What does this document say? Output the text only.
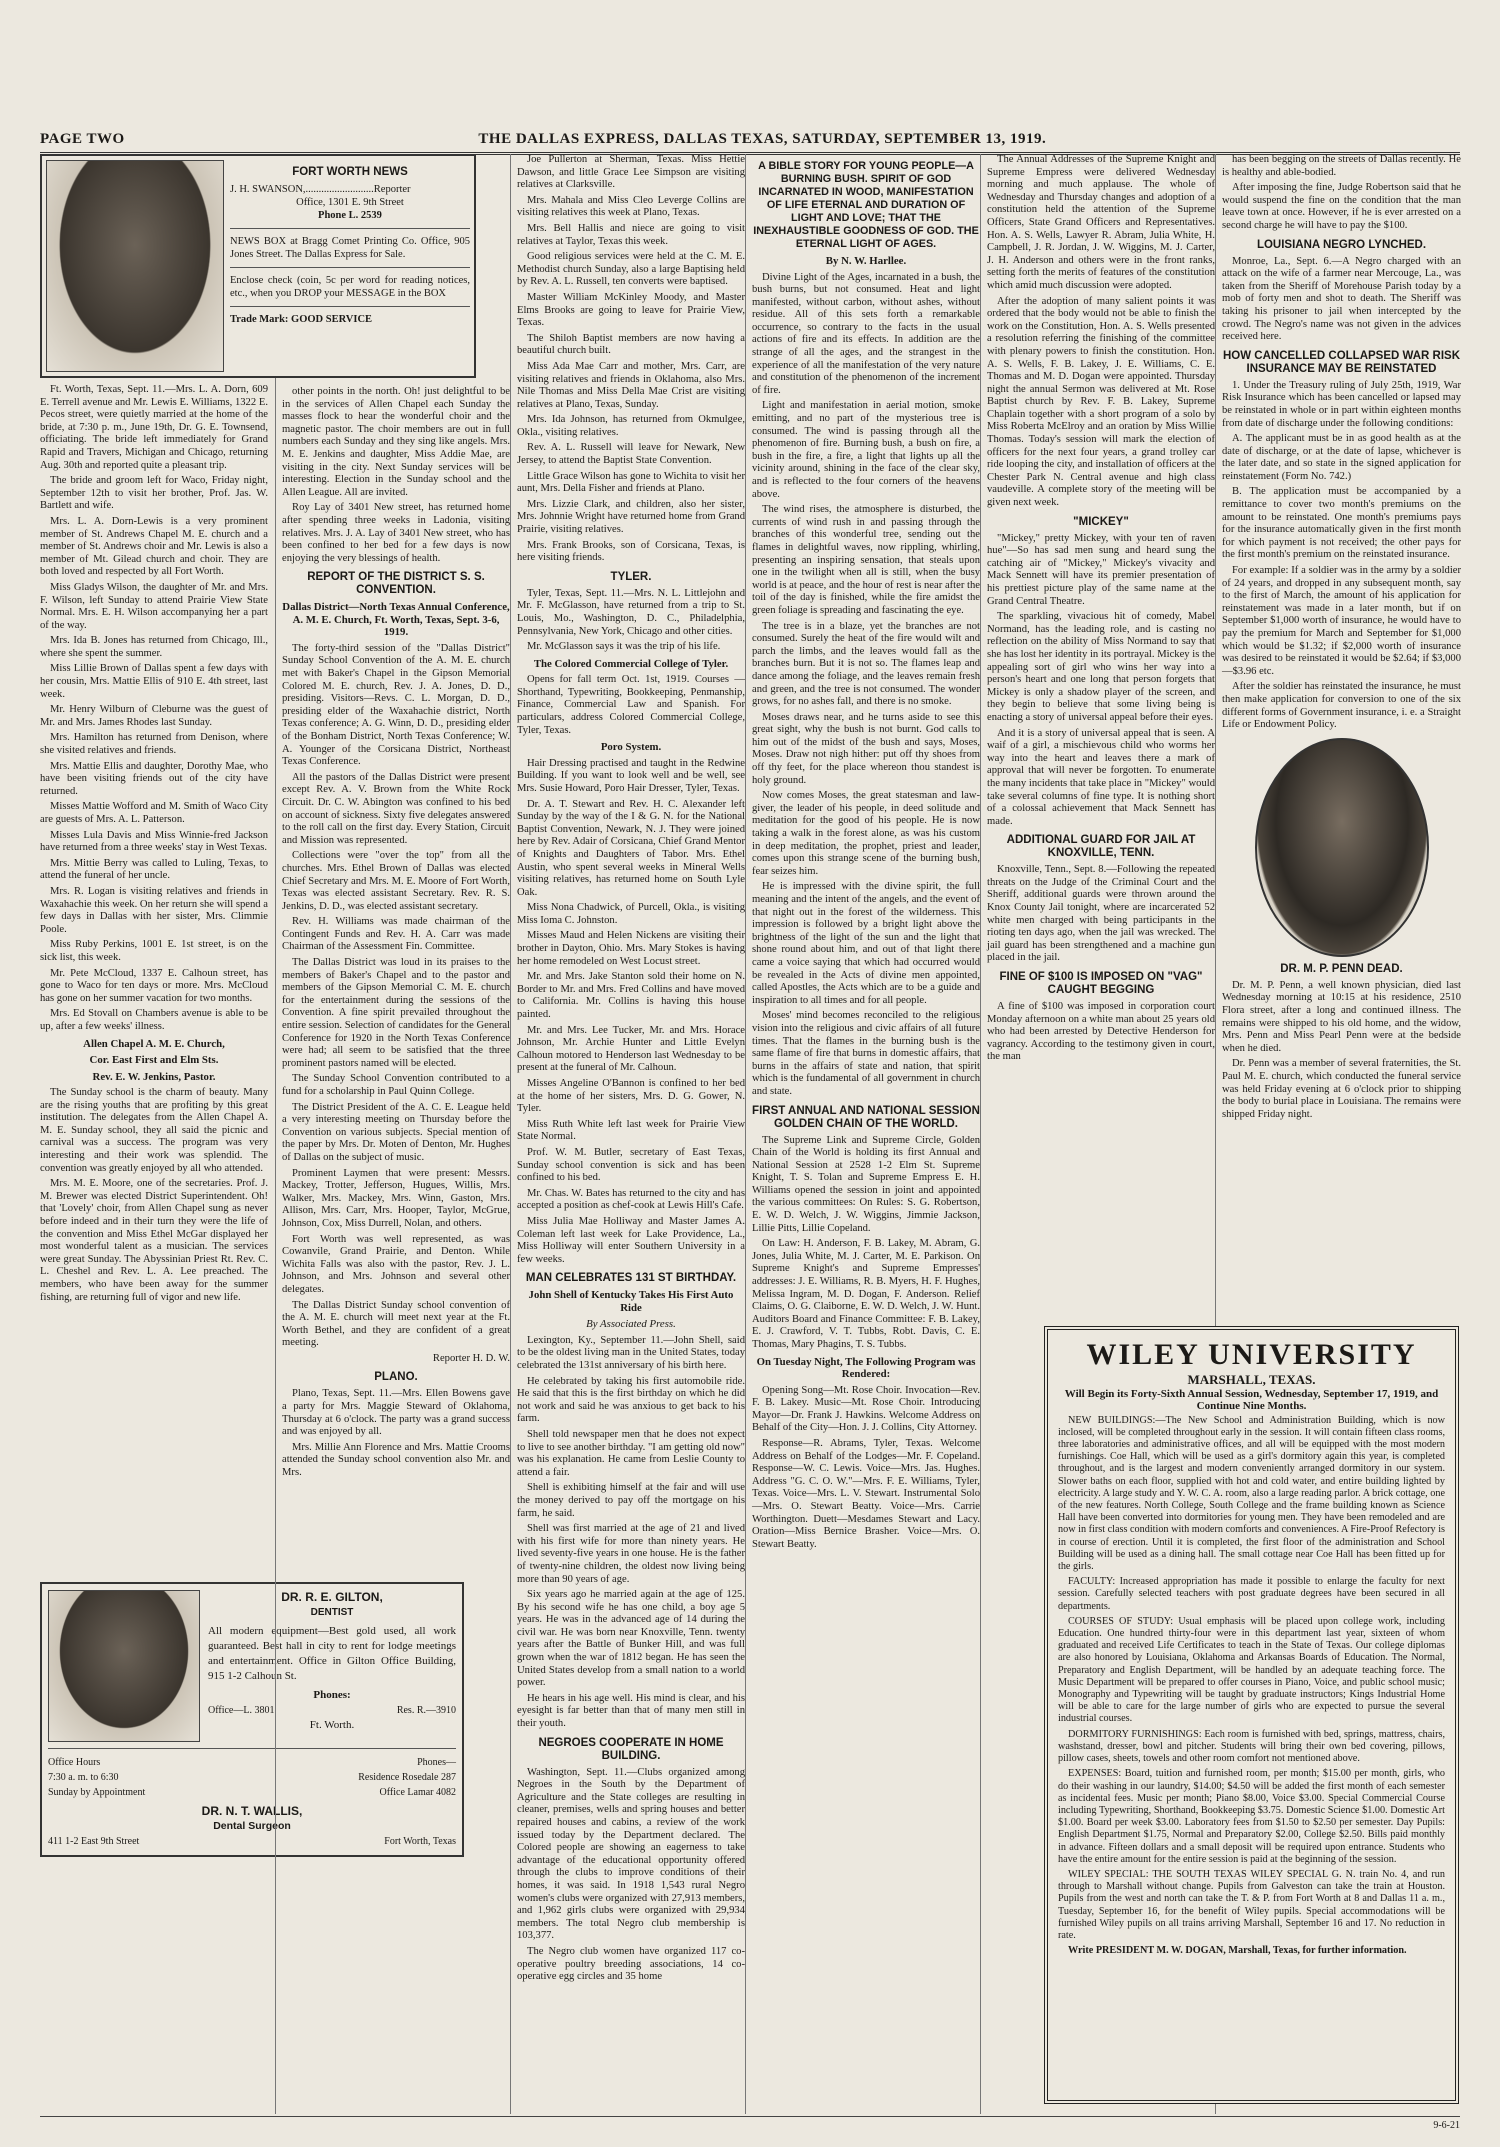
PAGE TWO	THE DALLAS EXPRESS, DALLAS TEXAS, SATURDAY, SEPTEMBER 13, 1919.
FORT WORTH NEWS
J. H. SWANSON,..........................Reporter
Office, 1301 E. 9th Street
Phone L. 2539
NEWS BOX at Bragg Comet Printing Co. Office, 905 Jones Street. The Dallas Express for Sale.
Enclose check (coin, 5c per word for reading notices, etc., when you DROP your MESSAGE in the BOX
Trade Mark: GOOD SERVICE

Ft. Worth, Texas, Sept. 11.—Mrs. L. A. Dorn, 609 E. Terrell avenue and Mr. Lewis E. Williams, 1322 E. Pecos street, were quietly married at the home of the bride, at 7:30 p. m., June 19th, Dr. G. E. Townsend, officiating. The bride left immediately for Grand Rapid and Travers, Michigan and Chicago, returning Aug. 30th and reported quite a pleasant trip.

The bride and groom left for Waco, Friday night, September 12th to visit her brother, Prof. Jas. W. Bartlett and wife.

Mrs. L. A. Dorn-Lewis is a very prominent member of St. Andrews Chapel M. E. church and a member of St. Andrews choir and Mr. Lewis is also a member of Mt. Gilead church and choir. They are both loved and respected by all Fort Worth.

Miss Gladys Wilson, the daughter of Mr. and Mrs. F. Wilson, left Sunday to attend Prairie View State Normal. Mrs. E. H. Wilson accompanying her a part of the way.

Mrs. Ida B. Jones has returned from Chicago, Ill., where she spent the summer.

Miss Lillie Brown of Dallas spent a few days with her cousin, Mrs. Mattie Ellis of 910 E. 4th street, last week.

Mr. Henry Wilburn of Cleburne was the guest of Mr. and Mrs. James Rhodes last Sunday.

Mrs. Hamilton has returned from Denison, where she visited relatives and friends.

Mrs. Mattie Ellis and daughter, Dorothy Mae, who have been visiting friends out of the city have returned.

Misses Mattie Wofford and M. Smith of Waco City are guests of Mrs. A. L. Patterson.

Misses Lula Davis and Miss Winnie-fred Jackson have returned from a three weeks' stay in West Texas.

Mrs. Mittie Berry was called to Luling, Texas, to attend the funeral of her uncle.

Mrs. R. Logan is visiting relatives and friends in Waxahachie this week. On her return she will spend a few days in Dallas with her sister, Mrs. Climmie Poole.

Miss Ruby Perkins, 1001 E. 1st street, is on the sick list, this week.

Mr. Pete McCloud, 1337 E. Calhoun street, has gone to Waco for ten days or more. Mrs. McCloud has gone on her summer vacation for two months.

Mrs. Ed Stovall on Chambers avenue is able to be up, after a few weeks' illness.

Allen Chapel A. M. E. Church,
Cor. East First and Elm Sts.
Rev. E. W. Jenkins, Pastor.

The Sunday school is the charm of beauty. Many are the rising youths that are profiting by this great institution. The delegates from the Allen Chapel A. M. E. Sunday school, they all said the picnic and carnival was a success. The program was very interesting and their work was splendid. The convention was greatly enjoyed by all who attended.

Mrs. M. E. Moore, one of the secretaries. Prof. J. M. Brewer was elected District Superintendent. Oh! that 'Lovely' choir, from Allen Chapel sung as never before indeed and in their turn they were the life of the convention and Miss Ethel McGar displayed her most wonderful talent as a musician. The services were great Sunday. The Abyssinian Priest Rt. Rev. C. L. Cheshel and Rev. L. A. Lee preached. The members, who have been away for the summer fishing, are returning full of vigor and new life.

DR. R. E. GILTON,
DENTIST
All modern equipment—Best gold used, all work guaranteed. Best hall in city to rent for lodge meetings and entertainment. Office in Gilton Office Building, 915 1-2 Calhoun St.
Phones:
Office—L. 3801	Res. R.—3910
Ft. Worth.
Office Hours	Phones—
7:30 a. m. to 6:30	Residence Rosedale 287
Sunday by Appointment	Office Lamar 4082
DR. N. T. WALLIS,
Dental Surgeon
411 1-2 East 9th Street	Fort Worth, Texas

other points in the north. Oh! just delightful to be in the services of Allen Chapel each Sunday the masses flock to hear the wonderful choir and the magnetic pastor. The choir members are out in full numbers each Sunday and they sing like angels. Mrs. M. E. Jenkins and daughter, Miss Addie Mae, are visiting in the city. Next Sunday services will be interesting. Election in the Sunday school and the Allen League. All are invited.

Roy Lay of 3401 New street, has returned home after spending three weeks in Ladonia, visiting relatives. Mrs. J. A. Lay of 3401 New street, who has been confined to her bed for a few days is now enjoying the very blessings of health.

REPORT OF THE DISTRICT S. S. CONVENTION.
Dallas District—North Texas Annual Conference, A. M. E. Church, Ft. Worth, Texas, Sept. 3-6, 1919.

The forty-third session of the "Dallas District" Sunday School Convention of the A. M. E. church met with Baker's Chapel in the Gipson Memorial Colored M. E. church, Rev. J. A. Jones, D. D., presiding. Visitors—Revs. C. L. Morgan, D. D., presiding elder of the Waxahachie district, North Texas conference; A. G. Winn, D. D., presiding elder of the Bonham District, North Texas Conference; W. A. Younger of the Corsicana District, Northeast Texas Conference.

All the pastors of the Dallas District were present except Rev. A. V. Brown from the White Rock Circuit. Dr. C. W. Abington was confined to his bed on account of sickness. Sixty five delegates answered to the roll call on the first day. Every Station, Circuit and Mission was represented.

Collections were "over the top" from all the churches. Mrs. Ethel Brown of Dallas was elected Chief Secretary and Mrs. M. E. Moore of Fort Worth, Texas was elected assistant Secretary. Rev. R. S. Jenkins, D. D., was elected assistant secretary.

Rev. H. Williams was made chairman of the Contingent Funds and Rev. H. A. Carr was made Chairman of the Assessment Fin. Committee.

The Dallas District was loud in its praises to the members of Baker's Chapel and to the pastor and members of the Gipson Memorial C. M. E. church for the entertainment during the sessions of the Convention. A fine spirit prevailed throughout the entire session. Selection of candidates for the General Conference for 1920 in the North Texas Conference were had; all seem to be satisfied that the three prominent pastors named will be elected.

The Sunday School Convention contributed to a fund for a scholarship in Paul Quinn College.

The District President of the A. C. E. League held a very interesting meeting on Thursday before the Convention on various subjects. Special mention of the paper by Mrs. Dr. Moten of Denton, Mr. Hughes of Dallas on the subject of music.

Prominent Laymen that were present: Messrs. Mackey, Trotter, Jefferson, Hugues, Willis, Mrs. Walker, Mrs. Mackey, Mrs. Winn, Gaston, Mrs. Allison, Mrs. Carr, Mrs. Hooper, Taylor, McGrue, Johnson, Cox, Miss Durrell, Nolan, and others.

Fort Worth was well represented, as was Cowanvile, Grand Prairie, and Denton. While Wichita Falls was also with the pastor, Rev. J. L. Johnson, and Mrs. Johnson and several other delegates.

The Dallas District Sunday school convention of the A. M. E. church will meet next year at the Ft. Worth Bethel, and they are confident of a great meeting.

Reporter H. D. W.
PLANO.

Plano, Texas, Sept. 11.—Mrs. Ellen Bowens gave a party for Mrs. Maggie Steward of Oklahoma, Thursday at 6 o'clock. The party was a grand success and was enjoyed by all.

Mrs. Millie Ann Florence and Mrs. Mattie Crooms attended the Sunday school convention also Mr. and Mrs.

Joe Pullerton at Sherman, Texas. Miss Hettie Dawson, and little Grace Lee Simpson are visiting relatives at Clarksville.

Mrs. Mahala and Miss Cleo Leverge Collins are visiting relatives this week at Plano, Texas.

Mrs. Bell Hallis and niece are going to visit relatives at Taylor, Texas this week.

Good religious services were held at the C. M. E. Methodist church Sunday, also a large Baptising held by Rev. A. L. Russell, ten converts were baptised.

Master William McKinley Moody, and Master Elms Brooks are going to leave for Prairie View, Texas.

The Shiloh Baptist members are now having a beautiful church built.

Miss Ada Mae Carr and mother, Mrs. Carr, are visiting relatives and friends in Oklahoma, also Mrs. Nile Thomas and Miss Della Mae Crist are visiting relatives at Plano, Texas, Sunday.

Mrs. Ida Johnson, has returned from Okmulgee, Okla., visiting relatives.

Rev. A. L. Russell will leave for Newark, New Jersey, to attend the Baptist State Convention.

Little Grace Wilson has gone to Wichita to visit her aunt, Mrs. Della Fisher and friends at Plano.

Mrs. Lizzie Clark, and children, also her sister, Mrs. Johnnie Wright have returned home from Grand Prairie, visiting relatives.

Mrs. Frank Brooks, son of Corsicana, Texas, is here visiting friends.

TYLER.

Tyler, Texas, Sept. 11.—Mrs. N. L. Littlejohn and Mr. F. McGlasson, have returned from a trip to St. Louis, Mo., Washington, D. C., Philadelphia, Pennsylvania, New York, Chicago and other cities.

Mr. McGlasson says it was the trip of his life.

The Colored Commercial College of Tyler.

Opens for fall term Oct. 1st, 1919. Courses — Shorthand, Typewriting, Bookkeeping, Penmanship, Finance, Commercial Law and Spanish. For particulars, address Colored Commercial College, Tyler, Texas.

Poro System.

Hair Dressing practised and taught in the Redwine Building. If you want to look well and be well, see Mrs. Susie Howard, Poro Hair Dresser, Tyler, Texas.

Dr. A. T. Stewart and Rev. H. C. Alexander left Sunday by the way of the I & G. N. for the National Baptist Convention, Newark, N. J. They were joined here by Rev. Adair of Corsicana, Chief Grand Mentor of Knights and Daughters of Tabor. Mrs. Ethel Austin, who spent several weeks in Mineral Wells visiting relatives, has returned home on South Lyle Oak.

Miss Nona Chadwick, of Purcell, Okla., is visiting Miss Ioma C. Johnston.

Misses Maud and Helen Nickens are visiting their brother in Dayton, Ohio. Mrs. Mary Stokes is having her home remodeled on West Locust street.

Mr. and Mrs. Jake Stanton sold their home on N. Border to Mr. and Mrs. Fred Collins and have moved to California. Mr. Collins is having this house painted.

Mr. and Mrs. Lee Tucker, Mr. and Mrs. Horace Johnson, Mr. Archie Hunter and Little Evelyn Calhoun motored to Henderson last Wednesday to be present at the funeral of Mr. Calhoun.

Misses Angeline O'Bannon is confined to her bed at the home of her sisters, Mrs. D. G. Gower, N. Tyler.

Miss Ruth White left last week for Prairie View State Normal.

Prof. W. M. Butler, secretary of East Texas, Sunday school convention is sick and has been confined to his bed.

Mr. Chas. W. Bates has returned to the city and has accepted a position as chef-cook at Lewis Hill's Cafe.

Miss Julia Mae Holliway and Master James A. Coleman left last week for Lake Providence, La., Miss Holliway will enter Southern University in a few weeks.

MAN CELEBRATES 131 ST BIRTHDAY.
John Shell of Kentucky Takes His First Auto Ride
By Associated Press.

Lexington, Ky., September 11.—John Shell, said to be the oldest living man in the United States, today celebrated the 131st anniversary of his birth here.

He celebrated by taking his first automobile ride. He said that this is the first birthday on which he did not work and said he was anxious to get back to his farm.

Shell told newspaper men that he does not expect to live to see another birthday. "I am getting old now" was his explanation. He came from Leslie County to attend a fair.

Shell is exhibiting himself at the fair and will use the money derived to pay off the mortgage on his farm, he said.

Shell was first married at the age of 21 and lived with his first wife for more than ninety years. He lived seventy-five years in one house. He is the father of twenty-nine children, the oldest now living being more than 90 years of age.

Six years ago he married again at the age of 125. By his second wife he has one child, a boy age 5 years. He was in the advanced age of 14 during the civil war. He was born near Knoxville, Tenn. twenty years after the Battle of Bunker Hill, and was full grown when the war of 1812 began. He has seen the United States develop from a small nation to a world power.

He hears in his age well. His mind is clear, and his eyesight is far better than that of many men still in their youth.

NEGROES COOPERATE IN HOME BUILDING.

Washington, Sept. 11.—Clubs organized among Negroes in the South by the Department of Agriculture and the State colleges are resulting in cleaner, premises, wells and spring houses and better repaired houses and cabins, a review of the work issued today by the Department declared. The Colored people are showing an eagerness to take advantage of the educational opportunity offered through the clubs to improve conditions of their homes, it was said. In 1918 1,543 rural Negro women's clubs were organized with 27,913 members, and 1,962 girls clubs were organized with 29,934 members. The total Negro club membership is 103,377.

The Negro club women have organized 117 co-operative poultry breeding associations, 14 co-operative egg circles and 35 home

A BIBLE STORY FOR YOUNG PEOPLE—A BURNING BUSH. SPIRIT OF GOD INCARNATED IN WOOD, MANIFESTATION OF LIFE ETERNAL AND DURATION OF LIGHT AND LOVE; THAT THE INEXHAUSTIBLE GOODNESS OF GOD. THE ETERNAL LIGHT OF AGES.
By N. W. Harllee.

Divine Light of the Ages, incarnated in a bush, the bush burns, but not consumed. Heat and light manifested, without carbon, without ashes, without residue. All of this sets forth a remarkable occurrence, so contrary to the facts in the usual actions of fire and its effects. In addition are the strange of all the ages, and the strangest in the experience of all the manifestation of the very nature and constitution of the phenomenon of the increment of fire.

Light and manifestation in aerial motion, smoke emitting, and no part of the mysterious tree is consumed. The wind is passing through all the phenomenon of fire. Burning bush, a bush on fire, a bush in the fire, a fire, a light that lights up all the vicinity around, shining in the face of the clear sky, and is reflected to the four corners of the heavens above.

The wind rises, the atmosphere is disturbed, the currents of wind rush in and passing through the branches of this wonderful tree, sending out the flames in delightful waves, now rippling, whirling, presenting an inspiring sensation, that steals upon one in the twilight when all is still, when the busy world is at peace, and the hour of rest is near after the toil of the day is finished, while the fire amidst the green foliage is spreading and fascinating the eye.

The tree is in a blaze, yet the branches are not consumed. Surely the heat of the fire would wilt and parch the limbs, and the leaves would fall as the branches burn. But it is not so. The flames leap and dance among the foliage, and the leaves remain fresh and green, and the tree is not consumed. The wonder grows, for no ashes fall, and there is no smoke.

Moses draws near, and he turns aside to see this great sight, why the bush is not burnt. God calls to him out of the midst of the bush and says, Moses, Moses. Draw not nigh hither: put off thy shoes from off thy feet, for the place whereon thou standest is holy ground.

Now comes Moses, the great statesman and law-giver, the leader of his people, in deed solitude and meditation for the good of his people. He is now taking a walk in the forest alone, as was his custom in deep meditation, the prophet, priest and leader, comes upon this strange scene of the burning bush, fear seizes him.

He is impressed with the divine spirit, the full meaning and the intent of the angels, and the event of that night out in the forest of the wilderness. This impression is followed by a bright light above the brightness of the light of the sun and the light that shone round about him, and out of that light there came a voice saying that which had occurred would be revealed in the Acts of divine men appointed, called Apostles, the Acts which are to be a guide and inspiration to all times and for all people.

Moses' mind becomes reconciled to the religious vision into the religious and civic affairs of all future times. That the flames in the burning bush is the same flame of fire that burns in domestic affairs, that burns in the affairs of state and nation, that spirit which is the fundamental of all government in church and state.

FIRST ANNUAL AND NATIONAL SESSION GOLDEN CHAIN OF THE WORLD.

The Supreme Link and Supreme Circle, Golden Chain of the World is holding its first Annual and National Session at 2528 1-2 Elm St. Supreme Knight, T. S. Tolan and Supreme Empress E. H. Williams opened the session in joint and appointed the various committees: On Rules: S. G. Robertson, E. W. D. Welch, J. W. Wiggins, Jimmie Jackson, Lillie Pitts, Lillie Copeland.

On Law: H. Anderson, F. B. Lakey, M. Abram, G. Jones, Julia White, M. J. Carter, M. E. Parkison. On Supreme Knight's and Supreme Empresses' addresses: J. E. Williams, R. B. Myers, H. F. Hughes, Melissa Ingram, M. D. Dogan, F. Anderson. Relief Claims, O. G. Claiborne, E. W. D. Welch, J. W. Hunt. Auditors Board and Finance Committee: F. B. Lakey, E. J. Crawford, V. T. Tubbs, Robt. Davis, C. E. Thomas, Mary Phagins, T. S. Tubbs.

On Tuesday Night, The Following Program was Rendered:

Opening Song—Mt. Rose Choir. Invocation—Rev. F. B. Lakey. Music—Mt. Rose Choir. Introducing Mayor—Dr. Frank J. Hawkins. Welcome Address on Behalf of the City—Hon. J. J. Collins, City Attorney.

Response—R. Abrams, Tyler, Texas. Welcome Address on Behalf of the Lodges—Mr. F. Copeland. Response—W. C. Lewis. Voice—Mrs. Jas. Hughes. Address "G. C. O. W."—Mrs. F. E. Williams, Tyler, Texas. Voice—Mrs. L. V. Stewart. Instrumental Solo—Mrs. O. Stewart Beatty. Voice—Mrs. Carrie Worthington. Duett—Mesdames Stewart and Lacy. Oration—Miss Bernice Brasher. Voice—Mrs. O. Stewart Beatty.

The Annual Addresses of the Supreme Knight and Supreme Empress were delivered Wednesday morning and much applause. The whole of Wednesday and Thursday changes and adoption of a constitution held the attention of the Supreme Officers, State Grand Officers and Representatives. Hon. A. S. Wells, Lawyer R. Abram, Julia White, H. Campbell, J. R. Jordan, J. W. Wiggins, M. J. Carter, J. H. Anderson and others were in the front ranks, setting forth the merits of features of the constitution which amid much discussion were adopted.

After the adoption of many salient points it was ordered that the body would not be able to finish the work on the Constitution, Hon. A. S. Wells presented a resolution referring the finishing of the committee with plenary powers to finish the constitution. Hon. A. S. Wells, F. B. Lakey, J. E. Williams, C. E. Thomas and M. D. Dogan were appointed. Thursday night the annual Sermon was delivered at Mt. Rose Baptist church by Rev. F. B. Lakey, Supreme Chaplain together with a short program of a solo by Miss Roberta McElroy and an oration by Miss Willie Thomas. Today's session will mark the election of officers for the next four years, a grand trolley car ride looping the city, and installation of officers at the Chester Park N. Central avenue and high class vaudeville. A complete story of the meeting will be given next week.

"MICKEY"

"Mickey," pretty Mickey, with your ten of raven hue"—So has sad men sung and heard sung the catching air of "Mickey," Mickey's vivacity and Mack Sennett will have its premier presentation of his prettiest picture play of the same name at the Grand Central Theatre.

The sparkling, vivacious hit of comedy, Mabel Normand, has the leading role, and is casting no reflection on the ability of Miss Normand to say that she has lost her identity in its portrayal. Mickey is the appealing sort of girl who wins her way into a person's heart and one long that person forgets that Mickey is only a shadow player of the screen, and they begin to believe that some living being is enacting a story of universal appeal before their eyes.

And it is a story of universal appeal that is seen. A waif of a girl, a mischievous child who worms her way into the heart and leaves there a mark of approval that will never be forgotten. To enumerate the many incidents that take place in "Mickey" would take several columns of fine type. It is nothing short of a colossal achievement that Mack Sennett has made.

ADDITIONAL GUARD FOR JAIL AT KNOXVILLE, TENN.

Knoxville, Tenn., Sept. 8.—Following the repeated threats on the Judge of the Criminal Court and the Sheriff, additional guards were thrown around the Knox County Jail tonight, where are incarcerated 52 white men charged with being participants in the rioting ten days ago, when the jail was wrecked. The jail guard has been strengthened and a machine gun placed in the jail.

FINE OF $100 IS IMPOSED ON "VAG" CAUGHT BEGGING

A fine of $100 was imposed in corporation court Monday afternoon on a white man about 25 years old who had been arrested by Detective Henderson for vagrancy. According to the testimony given in court, the man

has been begging on the streets of Dallas recently. He is healthy and able-bodied.

After imposing the fine, Judge Robertson said that he would suspend the fine on the condition that the man leave town at once. However, if he is ever arrested on a second charge he will have to pay the $100.

LOUISIANA NEGRO LYNCHED.

Monroe, La., Sept. 6.—A Negro charged with an attack on the wife of a farmer near Mercouge, La., was taken from the Sheriff of Morehouse Parish today by a mob of forty men and shot to death. The Sheriff was taking his prisoner to jail when intercepted by the crowd. The Negro's name was not given in the advices received here.

HOW CANCELLED COLLAPSED WAR RISK INSURANCE MAY BE REINSTATED

1. Under the Treasury ruling of July 25th, 1919, War Risk Insurance which has been cancelled or lapsed may be reinstated in whole or in part within eighteen months from date of discharge under the following conditions:

A. The applicant must be in as good health as at the date of discharge, or at the date of lapse, whichever is the later date, and so state in the signed application for reinstatement (Form No. 742.)

B. The application must be accompanied by a remittance to cover two month's premiums on the amount to be reinstated. One month's premiums pays for the insurance automatically given in the first month for which payment is not received; the other pays for the first month's premium on the reinstated insurance.

For example: If a soldier was in the army by a soldier of 24 years, and dropped in any subsequent month, say to the first of March, the amount of his application for reinstatement was made in a later month, but if on September $1,000 worth of insurance, he would have to pay the premium for March and September for $1,000 which would be $1.32; if $2,000 worth of insurance was desired to be reinstated it would be $2.64; if $3,000—$3.96 etc.

After the soldier has reinstated the insurance, he must then make application for conversion to one of the six different forms of Government insurance, i. e. a Straight Life or Endowment Policy.

DR. M. P. PENN DEAD.

Dr. M. P. Penn, a well known physician, died last Wednesday morning at 10:15 at his residence, 2510 Flora street, after a long and continued illness. The remains were shipped to his old home, and the widow, Mrs. Penn and Miss Pearl Penn were at the bedside when he died.

Dr. Penn was a member of several fraternities, the St. Paul M. E. church, which conducted the funeral service was held Friday evening at 6 o'clock prior to shipping the body to burial place in Louisiana. The remains were shipped Friday night.

WILEY UNIVERSITY
MARSHALL, TEXAS.
Will Begin its Forty-Sixth Annual Session, Wednesday, September 17, 1919, and Continue Nine Months.

NEW BUILDINGS:—The New School and Administration Building, which is now inclosed, will be completed throughout early in the session. It will contain fifteen class rooms, three laboratories and administrative offices, and all will be equipped with the most modern furnishings. Coe Hall, which will be used as a girl's dormitory again this year, is completed throughout, and is the largest and modern conveniently arranged dormitory in our system. Slower baths on each floor, supplied with hot and cold water, and entire building lighted by electricity. A large study and Y. W. C. A. room, also a large reading parlor. A brick cottage, one of the new features. North College, South College and the frame building known as Science Hall have been converted into dormitories for young men. They have been remodeled and are now in first class condition with modern comforts and conveniences. A Fire-Proof Refectory is in course of erection. Until it is completed, the first floor of the administration and School Building will be used as a dining hall. The small cottage near Coe Hall has been fitted up for the girls.

FACULTY: Increased appropriation has made it possible to enlarge the faculty for next session. Carefully selected teachers with post graduate degrees have been secured in all departments.

COURSES OF STUDY: Usual emphasis will be placed upon college work, including Education. One hundred thirty-four were in this department last year, sixteen of whom graduated and received Life Certificates to teach in the State of Texas. Our college diplomas are also honored by Louisiana, Oklahoma and Arkansas Boards of Education. The Normal, Preparatory and English Department, will be handled by an adequate teaching force. The Music Department will be prepared to offer courses in Piano, Voice, and public school music; Monography and Typewriting will be taught by graduate instructors; Kings Industrial Home will be able to care for the large number of girls who are expected to pursue the several industrial courses.

DORMITORY FURNISHINGS: Each room is furnished with bed, springs, mattress, chairs, washstand, dresser, bowl and pitcher. Students will bring their own bed covering, pillows, pillow cases, sheets, towels and other room comfort not mentioned above.

EXPENSES: Board, tuition and furnished room, per month; $15.00 per month, girls, who do their washing in our laundry, $14.00; $4.50 will be added the first month of each semester as incidental fees. Music per month; Piano $8.00, Voice $3.00. Special Commercial Course including Typewriting, Shorthand, Bookkeeping $3.75. Domestic Science $1.00. Domestic Art $1.00. Board per week $3.00. Laboratory fees from $1.50 to $2.50 per semester. Day Pupils: English Department $1.75, Normal and Preparatory $2.00, College $2.50. Bills paid monthly in advance. Fifteen dollars and a small deposit will be required upon entrance. Students who have the entire amount for the entire session is paid at the beginning of the session.

WILEY SPECIAL: THE SOUTH TEXAS WILEY SPECIAL G. N. train No. 4, and run through to Marshall without change. Pupils from Galveston can take the train at Houston. Pupils from the west and north can take the T. & P. from Fort Worth at 8 and Dallas 11 a. m., Tuesday, September 16, for the benefit of Wiley pupils. Special accommodations will be furnished Wiley pupils on all trains arriving Marshall, September 16 and 17. No reduction in rate.

Write PRESIDENT M. W. DOGAN, Marshall, Texas, for further information.

9-6-21
